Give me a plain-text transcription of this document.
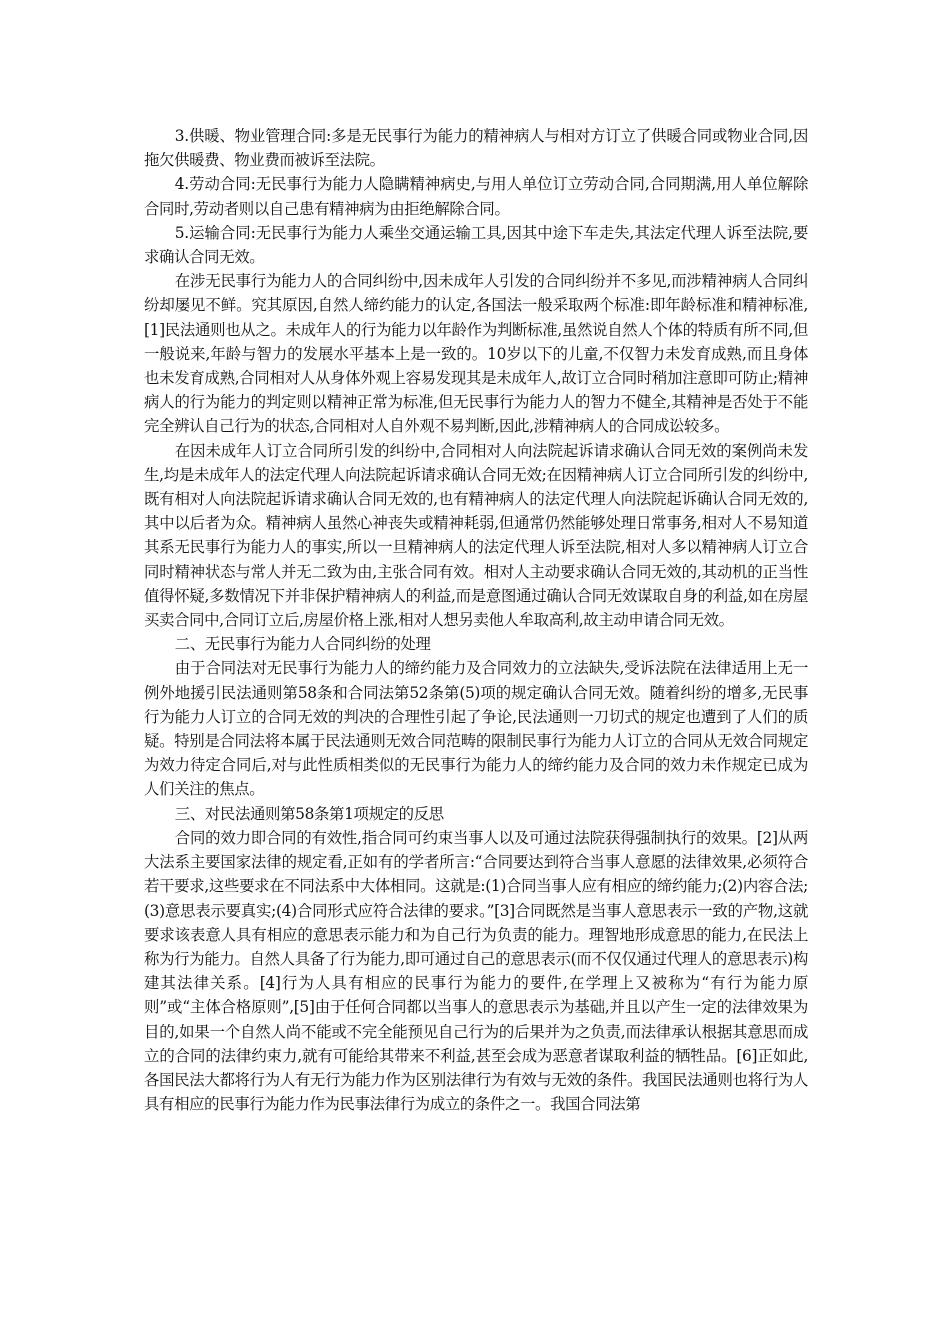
3.供暖、物业管理合同:多是无民事行为能力的精神病人与相对方订立了供暖合同或物业合同,因拖欠供暖费、物业费而被诉至法院。

4.劳动合同:无民事行为能力人隐瞒精神病史,与用人单位订立劳动合同,合同期满,用人单位解除合同时,劳动者则以自己患有精神病为由拒绝解除合同。

5.运输合同:无民事行为能力人乘坐交通运输工具,因其中途下车走失,其法定代理人诉至法院,要求确认合同无效。

在涉无民事行为能力人的合同纠纷中,因未成年人引发的合同纠纷并不多见,而涉精神病人合同纠纷却屡见不鲜。究其原因,自然人缔约能力的认定,各国法一般采取两个标准:即年龄标准和精神标准,[1]民法通则也从之。未成年人的行为能力以年龄作为判断标准,虽然说自然人个体的特质有所不同,但一般说来,年龄与智力的发展水平基本上是一致的。10岁以下的儿童,不仅智力未发育成熟,而且身体也未发育成熟,合同相对人从身体外观上容易发现其是未成年人,故订立合同时稍加注意即可防止;精神病人的行为能力的判定则以精神正常为标准,但无民事行为能力人的智力不健全,其精神是否处于不能完全辨认自己行为的状态,合同相对人自外观不易判断,因此,涉精神病人的合同成讼较多。

在因未成年人订立合同所引发的纠纷中,合同相对人向法院起诉请求确认合同无效的案例尚未发生,均是未成年人的法定代理人向法院起诉请求确认合同无效;在因精神病人订立合同所引发的纠纷中,既有相对人向法院起诉请求确认合同无效的,也有精神病人的法定代理人向法院起诉确认合同无效的,其中以后者为众。精神病人虽然心神丧失或精神耗弱,但通常仍然能够处理日常事务,相对人不易知道其系无民事行为能力人的事实,所以一旦精神病人的法定代理人诉至法院,相对人多以精神病人订立合同时精神状态与常人并无二致为由,主张合同有效。相对人主动要求确认合同无效的,其动机的正当性值得怀疑,多数情况下并非保护精神病人的利益,而是意图通过确认合同无效谋取自身的利益,如在房屋买卖合同中,合同订立后,房屋价格上涨,相对人想另卖他人牟取高利,故主动申请合同无效。

二、无民事行为能力人合同纠纷的处理

由于合同法对无民事行为能力人的缔约能力及合同效力的立法缺失,受诉法院在法律适用上无一例外地援引民法通则第58条和合同法第52条第(5)项的规定确认合同无效。随着纠纷的增多,无民事行为能力人订立的合同无效的判决的合理性引起了争论,民法通则一刀切式的规定也遭到了人们的质疑。特别是合同法将本属于民法通则无效合同范畴的限制民事行为能力人订立的合同从无效合同规定为效力待定合同后,对与此性质相类似的无民事行为能力人的缔约能力及合同的效力未作规定已成为人们关注的焦点。

三、对民法通则第58条第1项规定的反思

合同的效力即合同的有效性,指合同可约束当事人以及可通过法院获得强制执行的效果。[2]从两大法系主要国家法律的规定看,正如有的学者所言:“合同要达到符合当事人意愿的法律效果,必须符合若干要求,这些要求在不同法系中大体相同。这就是:(1)合同当事人应有相应的缔约能力;(2)内容合法;(3)意思表示要真实;(4)合同形式应符合法律的要求。”[3]合同既然是当事人意思表示一致的产物,这就要求该表意人具有相应的意思表示能力和为自己行为负责的能力。理智地形成意思的能力,在民法上称为行为能力。自然人具备了行为能力,即可通过自己的意思表示(而不仅仅通过代理人的意思表示)构建其法律关系。[4]行为人具有相应的民事行为能力的要件,在学理上又被称为“有行为能力原则”或“主体合格原则”,[5]由于任何合同都以当事人的意思表示为基础,并且以产生一定的法律效果为目的,如果一个自然人尚不能或不完全能预见自己行为的后果并为之负责,而法律承认根据其意思而成立的合同的法律约束力,就有可能给其带来不利益,甚至会成为恶意者谋取利益的牺牲品。[6]正如此,各国民法大都将行为人有无行为能力作为区别法律行为有效与无效的条件。我国民法通则也将行为人具有相应的民事行为能力作为民事法律行为成立的条件之一。我国合同法第
